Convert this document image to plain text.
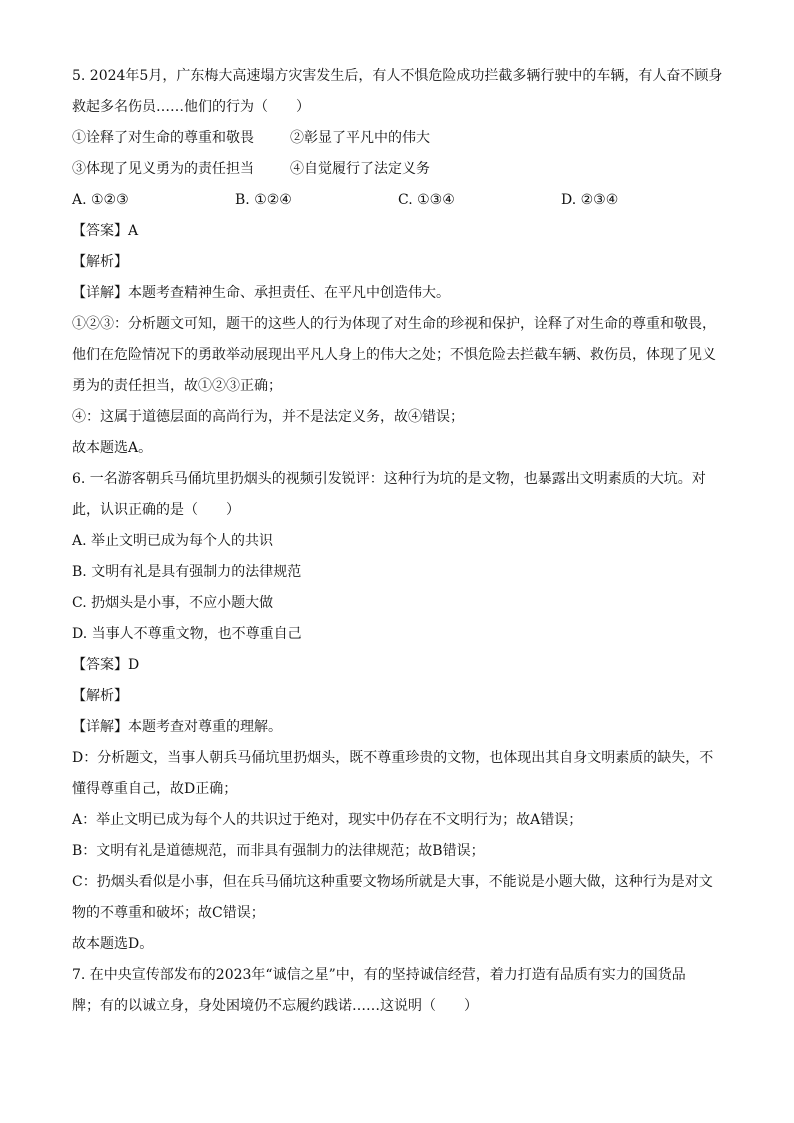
5. 2024年5月，广东梅大高速塌方灾害发生后，有人不惧危险成功拦截多辆行驶中的车辆，有人奋不顾身
救起多名伤员……他们的行为（　　）
①诠释了对生命的尊重和敬畏	②彰显了平凡中的伟大
③体现了见义勇为的责任担当	④自觉履行了法定义务
A. ①②③	B. ①②④	C. ①③④	D. ②③④
【答案】A
【解析】
【详解】本题考查精神生命、承担责任、在平凡中创造伟大。
①②③：分析题文可知，题干的这些人的行为体现了对生命的珍视和保护，诠释了对生命的尊重和敬畏，
他们在危险情况下的勇敢举动展现出平凡人身上的伟大之处；不惧危险去拦截车辆、救伤员，体现了见义
勇为的责任担当，故①②③正确；
④：这属于道德层面的高尚行为，并不是法定义务，故④错误；
故本题选A。
6. 一名游客朝兵马俑坑里扔烟头的视频引发锐评：这种行为坑的是文物，也暴露出文明素质的大坑。对
此，认识正确的是（　　）
A. 举止文明已成为每个人的共识
B. 文明有礼是具有强制力的法律规范
C. 扔烟头是小事，不应小题大做
D. 当事人不尊重文物，也不尊重自己
【答案】D
【解析】
【详解】本题考查对尊重的理解。
D：分析题文，当事人朝兵马俑坑里扔烟头，既不尊重珍贵的文物，也体现出其自身文明素质的缺失，不
懂得尊重自己，故D正确；
A：举止文明已成为每个人的共识过于绝对，现实中仍存在不文明行为；故A错误；
B：文明有礼是道德规范，而非具有强制力的法律规范；故B错误；
C：扔烟头看似是小事，但在兵马俑坑这种重要文物场所就是大事，不能说是小题大做，这种行为是对文
物的不尊重和破坏；故C错误；
故本题选D。
7. 在中央宣传部发布的2023年“诚信之星”中，有的坚持诚信经营，着力打造有品质有实力的国货品
牌；有的以诚立身，身处困境仍不忘履约践诺……这说明（　　）
